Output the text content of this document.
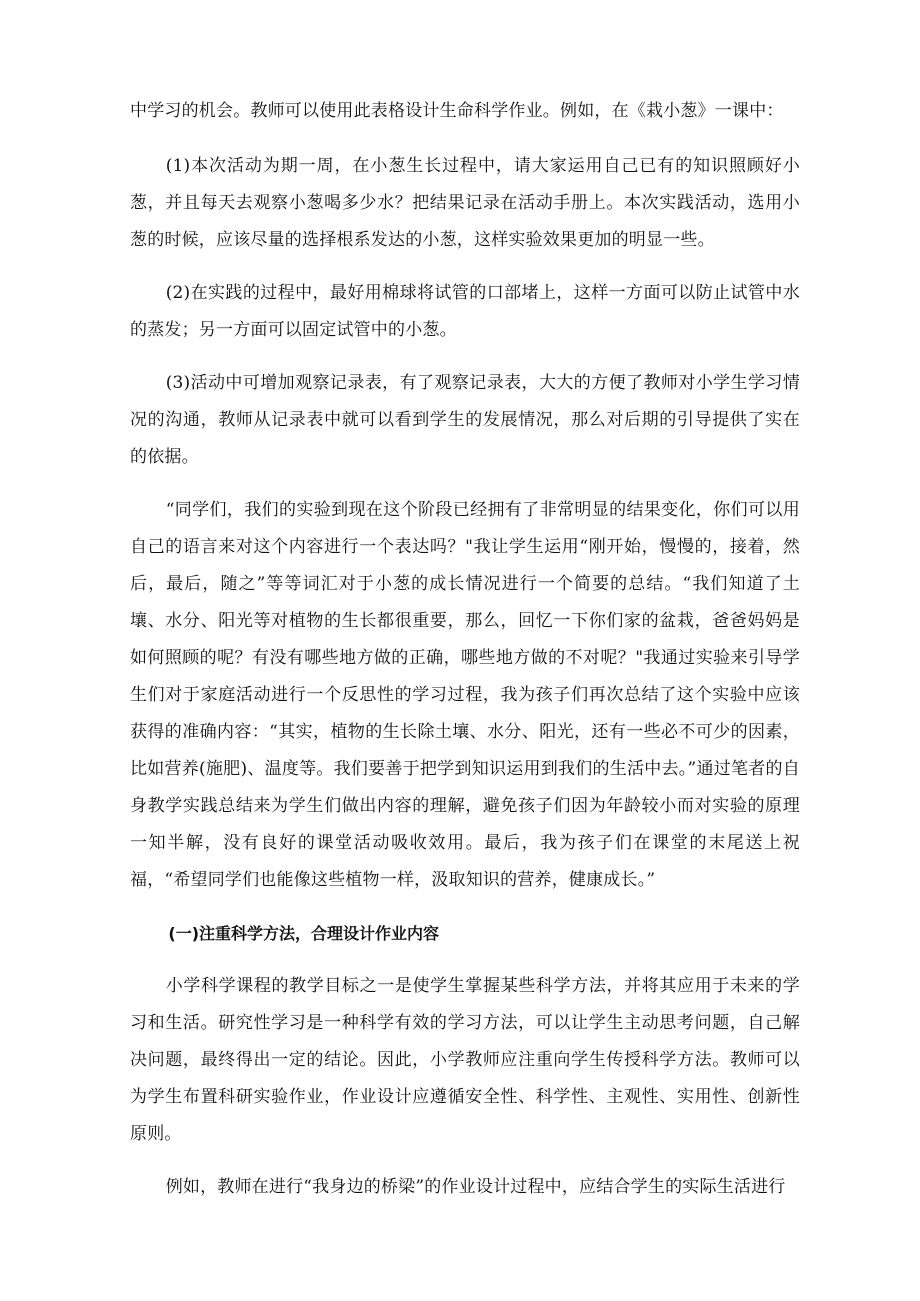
中学习的机会。教师可以使用此表格设计生命科学作业。例如，在《栽小葱》一课中：

(1)本次活动为期一周，在小葱生长过程中，请大家运用自己已有的知识照顾好小葱，并且每天去观察小葱喝多少水？把结果记录在活动手册上。本次实践活动，选用小葱的时候，应该尽量的选择根系发达的小葱，这样实验效果更加的明显一些。

(2)在实践的过程中，最好用棉球将试管的口部堵上，这样一方面可以防止试管中水的蒸发；另一方面可以固定试管中的小葱。

(3)活动中可增加观察记录表，有了观察记录表，大大的方便了教师对小学生学习情况的沟通，教师从记录表中就可以看到学生的发展情况，那么对后期的引导提供了实在的依据。

“同学们，我们的实验到现在这个阶段已经拥有了非常明显的结果变化，你们可以用自己的语言来对这个内容进行一个表达吗？"我让学生运用“刚开始，慢慢的，接着，然后，最后，随之”等等词汇对于小葱的成长情况进行一个简要的总结。“我们知道了土壤、水分、阳光等对植物的生长都很重要，那么，回忆一下你们家的盆栽，爸爸妈妈是如何照顾的呢？有没有哪些地方做的正确，哪些地方做的不对呢？"我通过实验来引导学生们对于家庭活动进行一个反思性的学习过程，我为孩子们再次总结了这个实验中应该获得的准确内容：“其实，植物的生长除土壤、水分、阳光，还有一些必不可少的因素，比如营养(施肥)、温度等。我们要善于把学到知识运用到我们的生活中去。”通过笔者的自身教学实践总结来为学生们做出内容的理解，避免孩子们因为年龄较小而对实验的原理一知半解，没有良好的课堂活动吸收效用。最后，我为孩子们在课堂的末尾送上祝福，“希望同学们也能像这些植物一样，汲取知识的营养，健康成长。”

(一)注重科学方法，合理设计作业内容

小学科学课程的教学目标之一是使学生掌握某些科学方法，并将其应用于未来的学习和生活。研究性学习是一种科学有效的学习方法，可以让学生主动思考问题，自己解决问题，最终得出一定的结论。因此，小学教师应注重向学生传授科学方法。教师可以为学生布置科研实验作业，作业设计应遵循安全性、科学性、主观性、实用性、创新性原则。

例如，教师在进行“我身边的桥梁”的作业设计过程中，应结合学生的实际生活进行
